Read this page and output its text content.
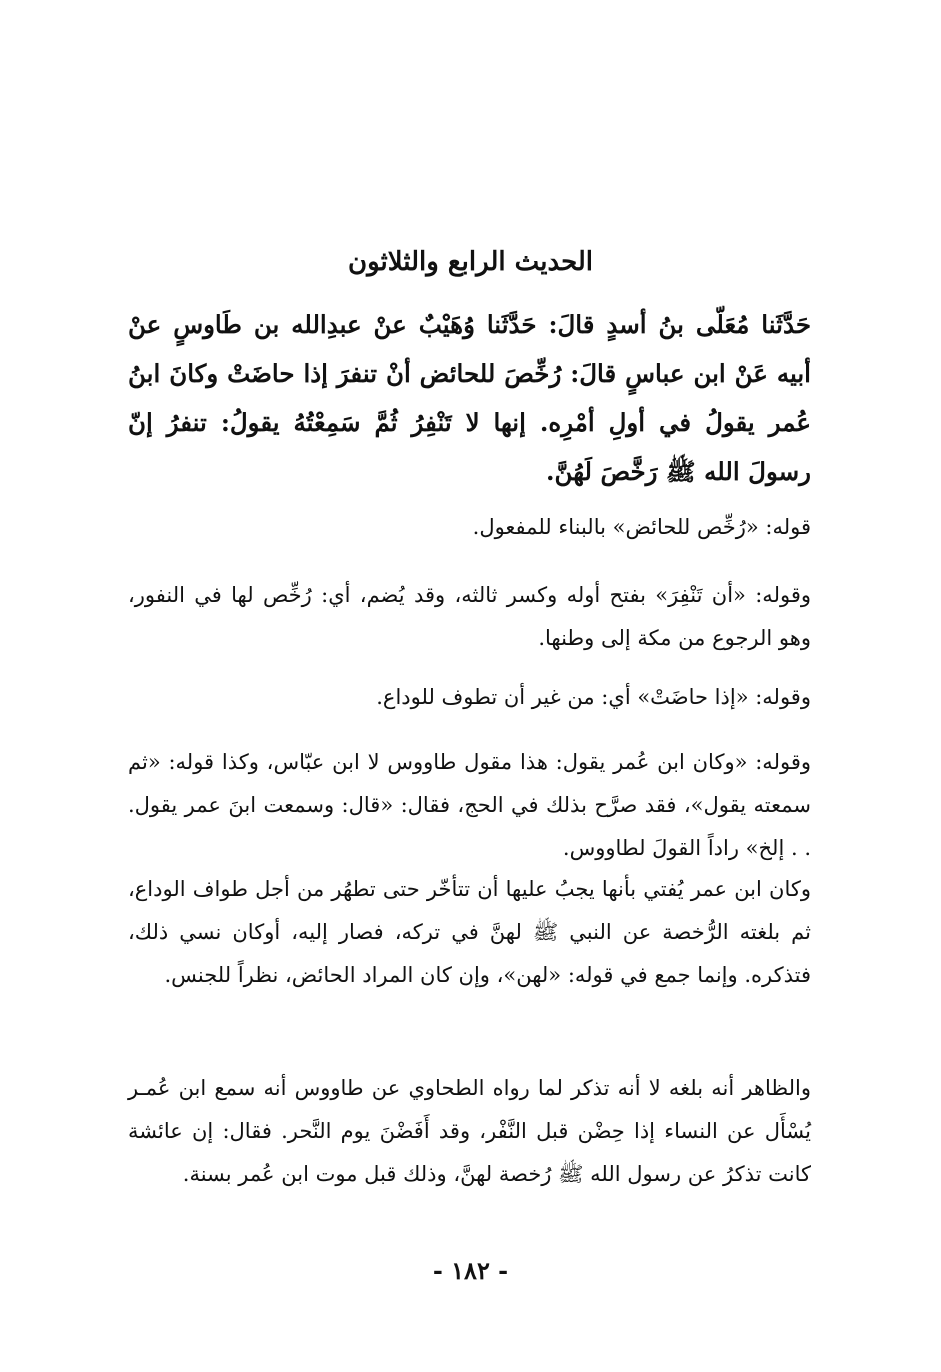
الحديث الرابع والثلاثون
حَدَّثَنا مُعَلّى بنُ أسدٍ قالَ: حَدَّثَنا وُهَيْبٌ عنْ عبدِالله بن طَاوسٍ عنْ أبيه عَنْ ابن عباسٍ قالَ: رُخِّصَ للحائض أنْ تنفرَ إذا حاضَتْ وكانَ ابنُ عُمر يقولُ في أولِ أمْرِه. إنها لا تَنْفِرُ ثُمَّ سَمِعْتُهُ يقولُ: تنفرُ إنّ رسولَ الله ﷺ رَخَّصَ لَهُنَّ.
قوله: «رُخِّص للحائض» بالبناء للمفعول.
وقوله: «أن تَنْفِرَ» بفتح أوله وكسر ثالثه، وقد يُضم، أي: رُخِّص لها في النفور، وهو الرجوع من مكة إلى وطنها.
وقوله: «إذا حاضَتْ» أي: من غير أن تطوف للوداع.
وقوله: «وكان ابن عُمر يقول: هذا مقول طاووس لا ابن عبّاس، وكذا قوله: «ثم سمعته يقول»، فقد صرَّح بذلك في الحج، فقال: «قال: وسمعت ابنَ عمر يقول. . . إلخ» راداً القولَ لطاووس.
وكان ابن عمر يُفتي بأنها يجبُ عليها أن تتأخّر حتى تطهُر من أجل طواف الوداع، ثم بلغته الرُّخصة عن النبي ﷺ لهنَّ في تركه، فصار إليه، أوكان نسي ذلك، فتذكره. وإنما جمع في قوله: «لهن»، وإن كان المراد الحائض، نظراً للجنس.
والظاهر أنه بلغه لا أنه تذكر لما رواه الطحاوي عن طاووس أنه سمع ابن عُمـر يُسْأَل عن النساء إذا حِضْن قبل النَّفْر، وقد أَفَضْنَ يوم النَّحر. فقال: إن عائشة كانت تذكرُ عن رسول الله ﷺ رُخصة لهنَّ، وذلك قبل موت ابن عُمر بسنة.
- ١٨٢ -
